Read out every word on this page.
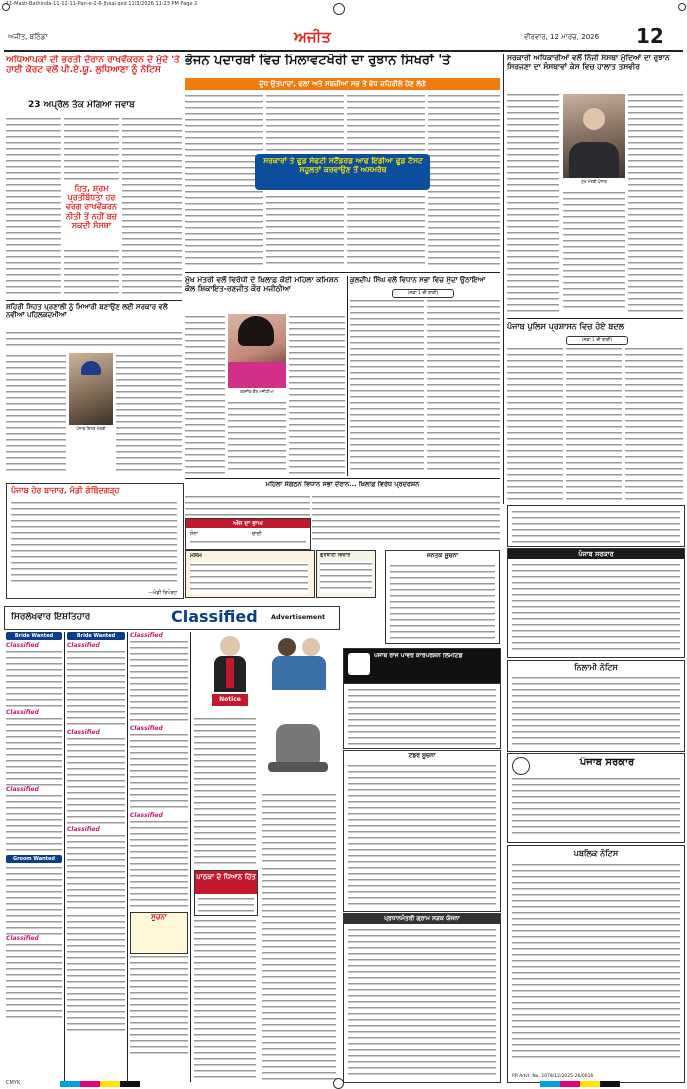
11-Mash-Bathinda-11-12-11-Pan-e-2-6-Jhaal.qxd 11/3/2026 11:23 PM Page 2
ਅਜੀਤ, ਬਠਿੰਡਾ	ਅਜੀਤ	ਵੀਰਵਾਰ, 12 ਮਾਰਚ, 2026 12
ਅਧਿਆਪਕਾਂ ਦੀ ਭਰਤੀ ਦੌਰਾਨ ਰਾਖਵੇਂਕਰਨ ਦੇ ਮੁੱਦੇ 'ਤੇ ਹਾਈ ਕੋਰਟ ਵਲੋਂ ਪੀ.ਏ.ਯੂ. ਲੁਧਿਆਣਾ ਨੂੰ ਨੋਟਿਸ
23 ਅਪ੍ਰੈਲ ਤੱਕ ਮੰਗਿਆ ਜਵਾਬ
ਹਿਤ, ਸ਼੍ਰਮ ਪ੍ਰਤੀਬੱਧਤਾ ਹਰ ਵਰਗ ਰਾਖਵੇਂਕਰਨ ਨੀਤੀ ਤੋਂ ਨਹੀਂ ਬਚ ਸਕਦੀ ਸੰਸਥਾ
ਸ਼ਹਿਰੀ ਸਿਹਤ ਪ੍ਰਣਾਲੀ ਨੂੰ ਮਿਆਰੀ ਬਣਾਉਣ ਲਈ ਸਰਕਾਰ ਵਲੋਂ ਨਵੀਆਂ ਪਹਿਲਕਦਮੀਆਂ
ਪੰਜਾਬ ਸਿਹਤ ਮੰਤਰੀ
ਪੰਜਾਬ ਹੋਰ ਬਾਜ਼ਾਰ, ਮੰਡੀ ਗੋਬਿੰਦਗੜ੍ਹ
—ਮੰਡੀ ਰਿਪੋਰਟ
ਭੋਜਨ ਪਦਾਰਥਾਂ ਵਿਚ ਮਿਲਾਵਟਖੋਰੀ ਦਾ ਰੁਝਾਨ ਸਿਖਰਾਂ 'ਤੇ
ਦੁੱਧ ਉਤਪਾਦਾਂ, ਫਲਾਂ ਅਤੇ ਸਬਜ਼ੀਆਂ ਸਭ ਤੋਂ ਵੱਧ ਜ਼ਹਿਰੀਲੇ ਹੋਣ ਲੱਗੇ
ਸਰਕਾਰਾਂ ਤੇ ਫੂਡ ਸੇਫਟੀ ਸਟੈਂਡਰਡ ਆਫ ਇੰਡੀਆ ਫੂਡ ਟੈਸਟ ਸਹੂਲਤਾਂ ਕਰਵਾਉਣ ਤੋਂ ਅਸਮਰੱਥ
ਮੁੱਖ ਮੰਤਰੀ ਵਲੋਂ ਵਿਰੋਧੀ ਦੇ ਖ਼ਿਲਾਫ਼ ਕੋਈ ਮਹਿਲਾ ਕਮਿਸ਼ਨ ਕੋਲ ਸ਼ਿਕਾਇਤ-ਰਣਜੀਤ ਕੌਰ ਮਜੀਠੀਆ
ਰਣਜੀਤ ਕੌਰ ਮਜੀਠੀਆ
ਕੁਲਦੀਪ ਸਿੰਘ ਵਲੋਂ ਵਿਧਾਨ ਸਭਾ ਵਿਚ ਮੁੱਦਾ ਉਠਾਇਆ
(ਸਫ਼ਾ 1 ਦੀ ਬਾਕੀ)
ਮਹਿਲਾ ਸੰਗਠਨ ਵਿਧਾਨ ਸਭਾ ਦੌਰਾਨ... ਖ਼ਿਲਾਫ਼ ਵਿਰੋਧ ਪ੍ਰਦਰਸ਼ਨ
ਅੱਜ ਦਾ ਭਾਅ
ਸੋਨਾ	ਚਾਂਦੀ
ਮੌਸਮ	ਗੁਰਬਾਣੀ ਵਿਚਾਰ
ਸਰਕਾਰੀ ਅਧਿਕਾਰੀਆਂ ਵਲੋਂ ਨਿੱਜੀ ਸੰਸਥਾ ਮੁੱਦਿਆਂ ਦਾ ਰੁਝਾਨ ਸਿਰਜਣਾ ਦਾ ਸੰਸਥਾਵਾਂ ਕੇਸ ਵਿਚ ਹਾਲਾਤ ਤਸਵੀਰ
ਮੁੱਖ ਮੰਤਰੀ ਪੰਜਾਬ
ਪੰਜਾਬ ਪੁਲਿਸ ਪ੍ਰਸ਼ਾਸਨ ਵਿਚ ਹੋਏ ਬਦਲ
(ਸਫ਼ਾ 1 ਦੀ ਬਾਕੀ)
ਜਨਤਕ ਸੂਚਨਾ	ਪੰਜਾਬ ਸਰਕਾਰ
ਪੰਜਾਬ ਰਾਜ ਪਾਵਰ ਕਾਰਪੋਰੇਸ਼ਨ ਲਿਮਟਿਡ
ਟੈਂਡਰ ਸੂਚਨਾ
ਪ੍ਰਧਾਨਮੰਤਰੀ ਗ੍ਰਾਮ ਸੜਕ ਯੋਜਨਾ
ਨਿਲਾਮੀ ਨੋਟਿਸ
ਪੰਜਾਬ ਸਰਕਾਰ
ਪਬਲਿਕ ਨੋਟਿਸ
PR Advt. No. 1078/12/2025-26/0016
ਸਿਰਲੇਖਵਾਰ ਇਸ਼ਤਿਹਾਰ	Classified Advertisement
Bride Wanted
Classified
Classified
Classified
Groom Wanted
Classified
Bride Wanted
Classified
Classified
Classified
Classified
Classified
Classified
ਸੂਚਨਾ
Notice
ਪਾਠਕਾਂ ਦੇ ਧਿਆਨ ਹਿੱਤ
CMYK
